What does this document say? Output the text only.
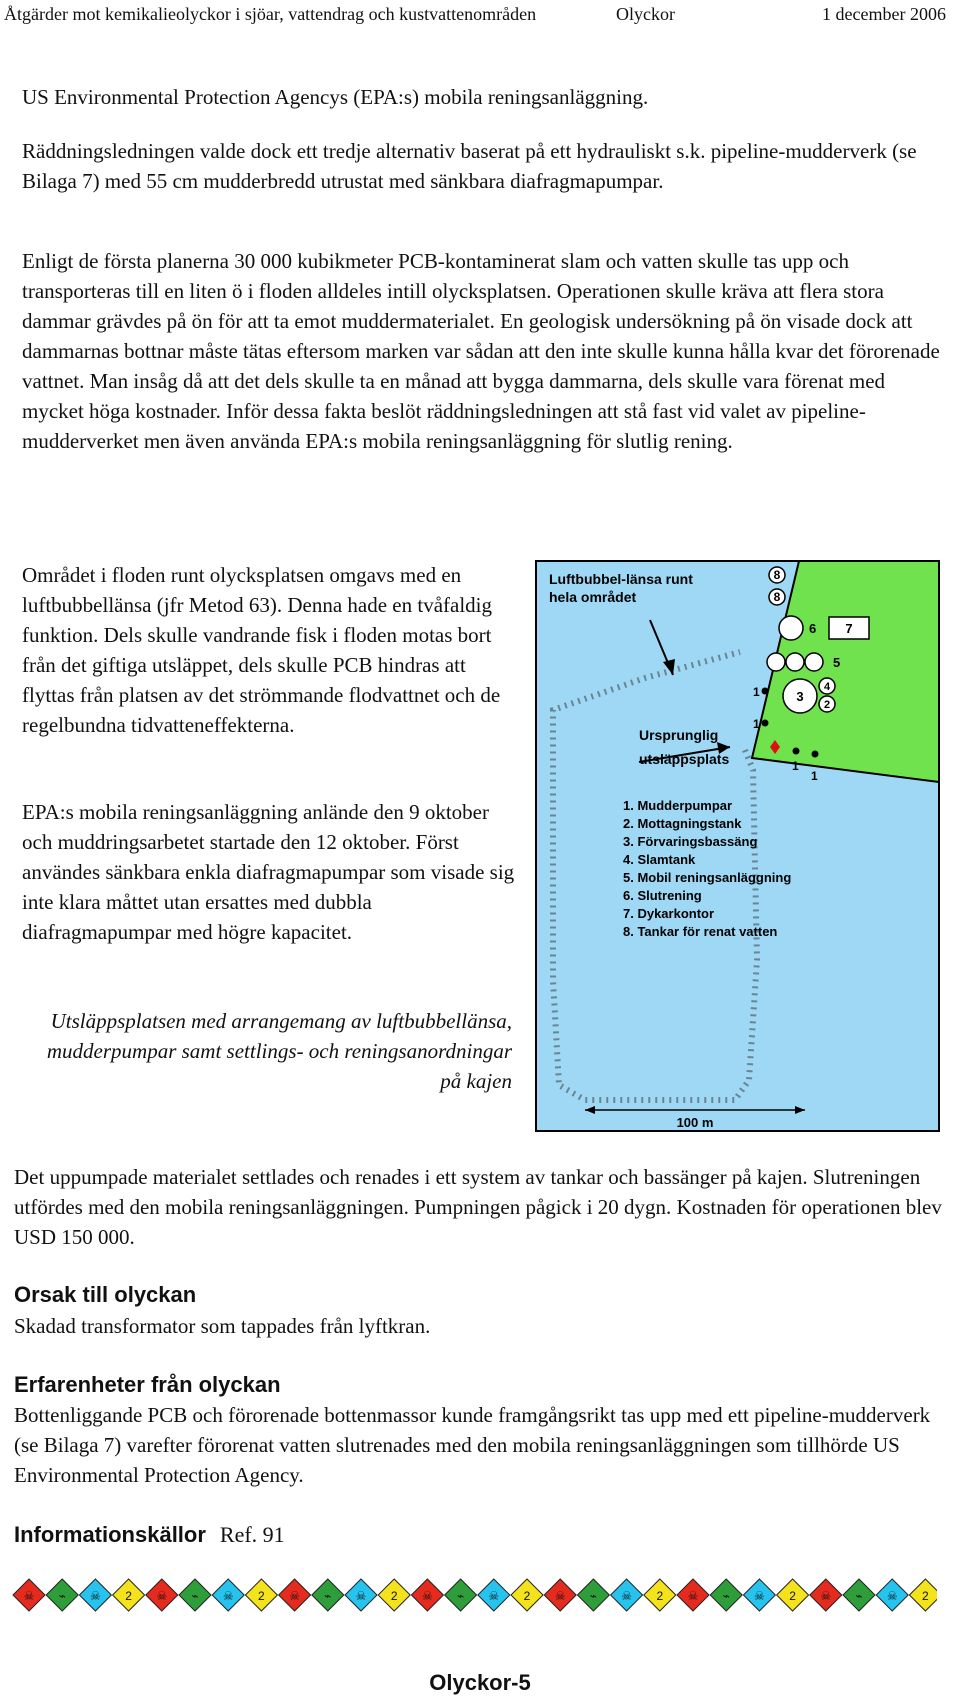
Åtgärder mot kemikalieolyckor i sjöar, vattendrag och kustvattenområden	Olyckor	1 december 2006

US Environmental Protection Agencys (EPA:s) mobila reningsanläggning.

Räddningsledningen valde dock ett tredje alternativ baserat på ett hydrauliskt s.k. pipeline-mudderverk (se Bilaga 7) med 55 cm mudderbredd utrustat med sänkbara diafragmapumpar.

Enligt de första planerna 30 000 kubikmeter PCB-kontaminerat slam och vatten skulle tas upp och transporteras till en liten ö i floden alldeles intill olycksplatsen. Operationen skulle kräva att flera stora dammar grävdes på ön för att ta emot muddermaterialet. En geologisk undersökning på ön visade dock att dammarnas bottnar måste tätas eftersom marken var sådan att den inte skulle kunna hålla kvar det förorenade vattnet. Man insåg då att det dels skulle ta en månad att bygga dammarna, dels skulle vara förenat med mycket höga kostnader. Inför dessa fakta beslöt räddningsledningen att stå fast vid valet av pipeline-mudderverket men även använda EPA:s mobila reningsanläggning för slutlig rening.

Området i floden runt olycksplatsen omgavs med en luftbubbellänsa (jfr Metod 63). Denna hade en tvåfaldig funktion. Dels skulle vandrande fisk i floden motas bort från det giftiga utsläppet, dels skulle PCB hindras att flyttas från platsen av det strömmande flodvattnet och de regelbundna tidvatteneffekterna.

EPA:s mobila reningsanläggning anlände den 9 oktober och muddringsarbetet startade den 12 oktober. Först användes sänkbara enkla diafragmapumpar som visade sig inte klara måttet utan ersattes med dubbla diafragmapumpar med högre kapacitet.

Utsläppsplatsen med arrangemang av luftbubbellänsa, mudderpumpar samt settlings- och reningsanordningar på kajen

Luftbubbel-länsa runt
hela området
Ursprunglig
utsläppsplats
8
8
6 7
5
4
3
2
1
1
1
1
1. Mudderpumpar
2. Mottagningstank
3. Förvaringsbassäng
4. Slamtank
5. Mobil reningsanläggning
6. Slutrening
7. Dykarkontor
8. Tankar för renat vatten
100 m

Det uppumpade materialet settlades och renades i ett system av tankar och bassänger på kajen. Slutreningen utfördes med den mobila reningsanläggningen. Pumpningen pågick i 20 dygn. Kostnaden för operationen blev USD 150 000.

Orsak till olyckan

Skadad transformator som tappades från lyftkran.

Erfarenheter från olyckan

Bottenliggande PCB och förorenade bottenmassor kunde framgångsrikt tas upp med ett pipeline-mudderverk (se Bilaga 7) varefter förorenat vatten slutrenades med den mobila reningsanläggningen som tillhörde US Environmental Protection Agency.

Informationskällor Ref. 91
☠ ⌁ ☠ 2 ☠ ⌁ ☠ 2 ☠ ⌁ ☠ 2 ☠ ⌁ ☠ 2 ☠ ⌁ ☠ 2 ☠ ⌁ ☠ 2 ☠ ⌁ ☠ 2
Olyckor-5
